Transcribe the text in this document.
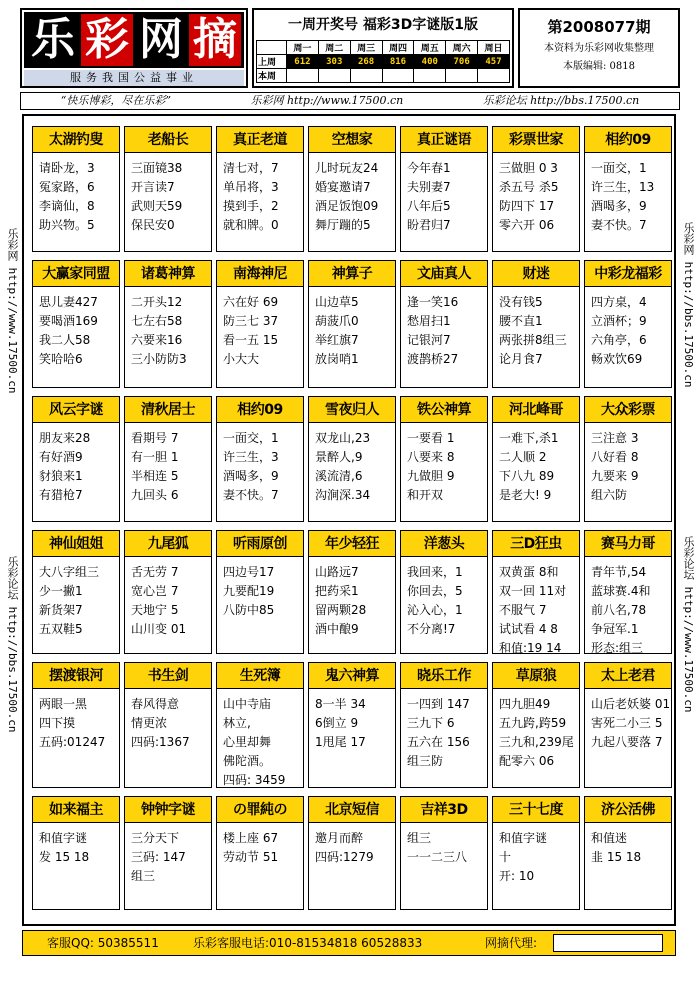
乐 彩 网 摘
服务我国公益事业
一周开奖号 福彩3D字谜版1版
	周一	周二	周三	周四	周五	周六	周日
上周	612	303	268	816	400	706	457
本周							
第2008077期
本资料为乐彩网收集整理
本版编辑: 0818
“快乐博彩，尽在乐彩”	乐彩网 http://www.17500.cn	乐彩论坛 http://bbs.17500.cn
乐彩网 http://www.17500.cn
乐彩论坛 http://bbs.17500.cn
乐彩网 http://bbs.17500.cn
乐彩论坛 http://www.17500.cn
太湖钓叟
请卧龙，3
冤家路，6
李谪仙，8
助兴物。5
老船长
三面镜38
开言读7
武则天59
保民安0
真正老道
清七对，7
单吊将，3
摸到手，2
就和牌。0
空想家
儿时玩友24
婚宴邀请7
酒足饭饱09
舞厅蹦的5
真正谜语
今年春1
夫别妻7
八年后5
盼君归7
彩票世家
三做胆 0 3
杀五号 杀5
防四下 17
零六开 06
相约09
一面交，1
许三生，13
酒喝多，9
妻不快。7
大赢家同盟
思儿妻427
要喝酒169
我二人58
笑哈哈6
诸葛神算
二开头12
七左右58
六要来16
三小防防3
南海神尼
六在好 69
防三七 37
看一五 15
小大大
神算子
山边草5
葫菠爪0
举红旗7
放岗哨1
文庙真人
逢一笑16
愁眉扫1
记银河7
渡鹊桥27
财迷
没有钱5
腰不直1
两张拼8组三
论月食7
中彩龙福彩
四方桌，4
立酒杯；9
六角亭，6
畅欢饮69
风云字谜
朋友来28
有好酒9
豺狼来1
有猎枪7
清秋居士
看期号 7
有一胆 1
半相连 5
九回头 6
相约09
一面交，1
许三生，3
酒喝多，9
妻不快。7
雪夜归人
双龙山,23
景醉人,9
溪流清,6
沟涧深.34
铁公神算
一要看 1
八要来 8
九做胆 9
和开双
河北峰哥
一难下,杀1
二人顺 2
下八九 89
是老大! 9
大众彩票
三注意 3
八好看 8
九要来 9
组六防
神仙姐姐
大八字组三
少一撇1
新货架7
五双鞋5
九尾狐
舌无劳 7
宽心岂 7
天地宁 5
山川变 01
听雨原创
四边号17
九要配19
八防中85
年少轻狂
山路远7
把药采1
留两颗28
酒中酿9
洋葱头
我回来，1
你回去，5
沁入心，1
不分离!7
三D狂虫
双黄蛋 8和
双一回 11对
不服气 7
试试看 4 8
和值:19 14
赛马力哥
青年节,54
蓝球赛.4和
前八名,78
争冠军.1
形态:组三
摆渡银河
两眼一黑
四下摸
五码:01247
书生剑
春风得意
情更浓
四码:1367
生死簿
山中寺庙
林立,
心里却舞
佛陀酒。
四码: 3459
鬼六神算
8一半 34
6倒立 9
1甩尾 17
晓乐工作
一四到 147
三九下 6
五六在 156
组三防
草原狼
四九胆49
五九跨,跨59
三九和,239尾
配零六 06
太上老君
山后老妖婆 01
害死二小三 5
九起八要落 7
如来福主
和值字谜
发 15 18
钟钟字谜
三分天下
三码: 147
组三
の罪純の
楼上座 67
劳动节 51
北京短信
邀月而醉
四码:1279
吉祥3D
组三
一一二三八
三十七度
和值字谜
十
开: 10
济公活佛
和值迷
韭 15 18
客服QQ: 50385511	乐彩客服电话:010-81534818 60528833	网摘代理:
